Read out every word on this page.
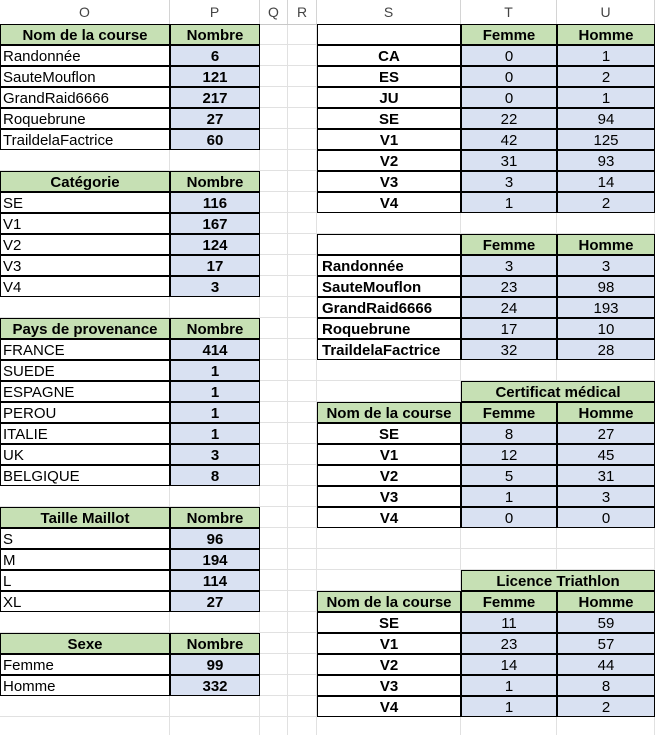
O	P	Q	R	S	T	U
Nom de la course	Nombre
Randonnée	6
SauteMouflon	121
GrandRaid6666	217
Roquebrune	27
TraildelaFactrice	60
Catégorie	Nombre
SE	116
V1	167
V2	124
V3	17
V4	3
Pays de provenance	Nombre
FRANCE	414
SUEDE	1
ESPAGNE	1
PEROU	1
ITALIE	1
UK	3
BELGIQUE	8
Taille Maillot	Nombre
S	96
M	194
L	114
XL	27
Sexe	Nombre
Femme	99
Homme	332
Femme	Homme
CA	0	1
ES	0	2
JU	0	1
SE	22	94
V1	42	125
V2	31	93
V3	3	14
V4	1	2
Femme	Homme
Randonnée	3	3
SauteMouflon	23	98
GrandRaid6666	24	193
Roquebrune	17	10
TraildelaFactrice	32	28
Certificat médical
Nom de la course	Femme	Homme
SE	8	27
V1	12	45
V2	5	31
V3	1	3
V4	0	0
Licence Triathlon
Nom de la course	Femme	Homme
SE	11	59
V1	23	57
V2	14	44
V3	1	8
V4	1	2
